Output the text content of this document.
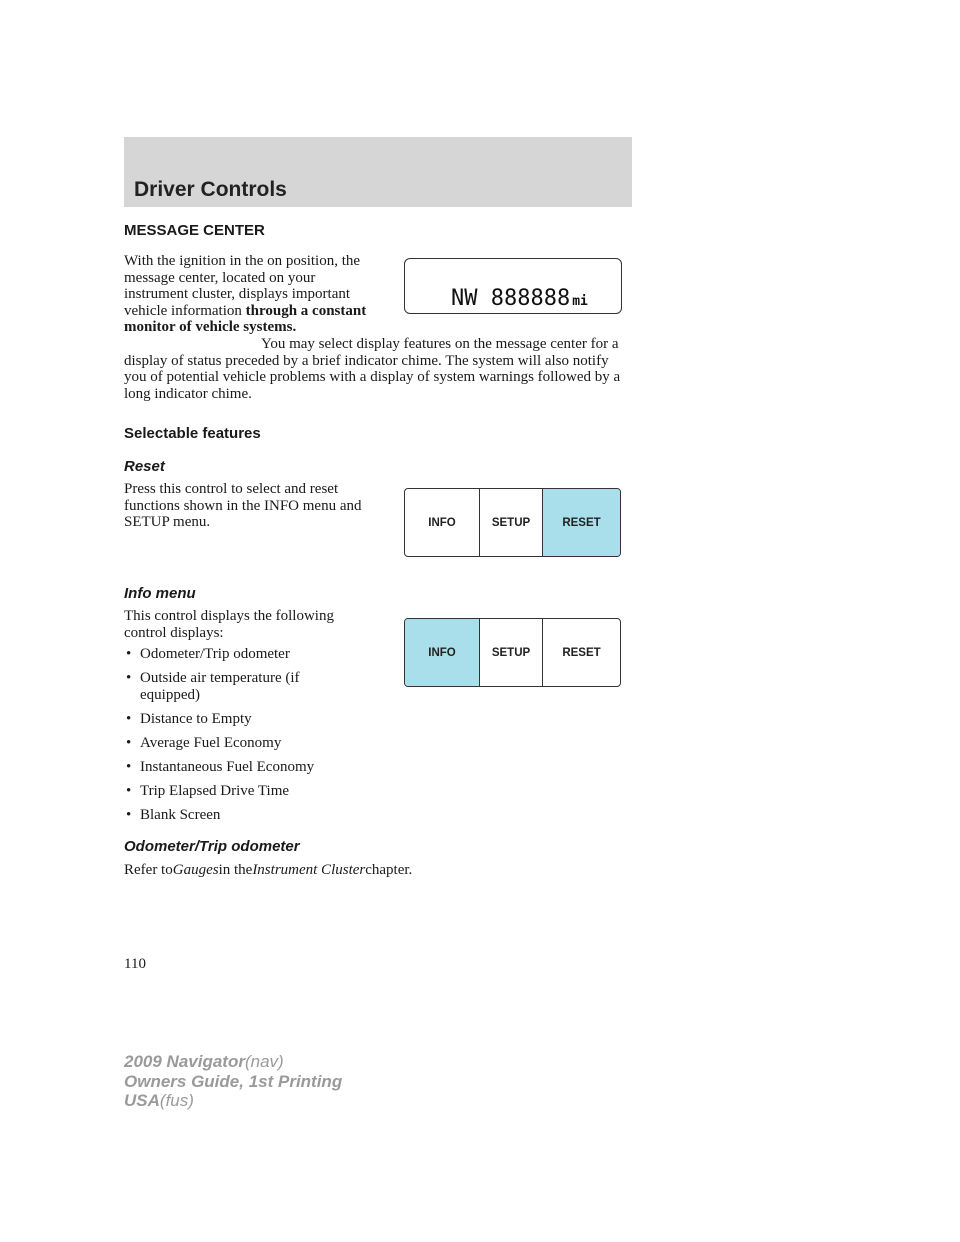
Driver Controls
MESSAGE CENTER

With the ignition in the on position, the message center, located on your instrument cluster, displays important vehicle information through a constant monitor of vehicle systems.

You may select display features on the message center for a display of status preceded by a brief indicator chime. The system will also notify you of potential vehicle problems with a display of system warnings followed by a long indicator chime.

NW 888888 mi
Selectable features
Reset

Press this control to select and reset functions shown in the INFO menu and SETUP menu.	INFO	SETUP	RESET
Info menu

This control displays the following control displays:

INFO	SETUP	RESET
• Odometer/Trip odometer
• Outside air temperature (if equipped)
• Distance to Empty
• Average Fuel Economy
• Instantaneous Fuel Economy
• Trip Elapsed Drive Time
• Blank Screen
Odometer/Trip odometer

Refer toGaugesin theInstrument Clusterchapter.

110
2009 Navigator(nav)
Owners Guide, 1st Printing
USA(fus)
